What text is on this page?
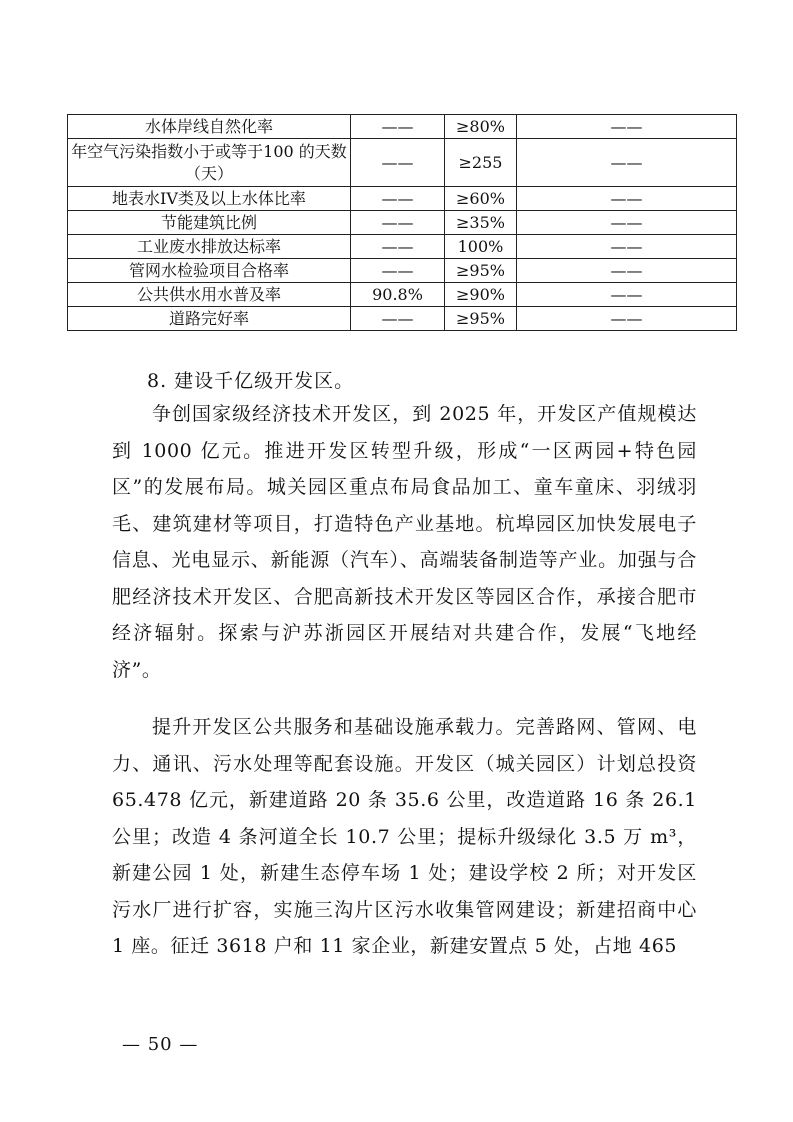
水体岸线自然化率	——	≥80%	——
年空气污染指数小于或等于100 的天数（天）	——	≥255	——
地表水IV类及以上水体比率	——	≥60%	——
节能建筑比例	——	≥35%	——
工业废水排放达标率	——	100%	——
管网水检验项目合格率	——	≥95%	——
公共供水用水普及率	90.8%	≥90%	——
道路完好率	——	≥95%	——
8. 建设千亿级开发区。

争创国家级经济技术开发区，到 2025 年，开发区产值规模达到 1000 亿元。推进开发区转型升级，形成“一区两园+特色园区”的发展布局。城关园区重点布局食品加工、童车童床、羽绒羽毛、建筑建材等项目，打造特色产业基地。杭埠园区加快发展电子信息、光电显示、新能源（汽车）、高端装备制造等产业。加强与合肥经济技术开发区、合肥高新技术开发区等园区合作，承接合肥市经济辐射。探索与沪苏浙园区开展结对共建合作，发展“飞地经济”。

提升开发区公共服务和基础设施承载力。完善路网、管网、电力、通讯、污水处理等配套设施。开发区（城关园区）计划总投资 65.478 亿元，新建道路 20 条 35.6 公里，改造道路 16 条 26.1 公里；改造 4 条河道全长 10.7 公里；提标升级绿化 3.5 万 m³，新建公园 1 处，新建生态停车场 1 处；建设学校 2 所；对开发区污水厂进行扩容，实施三沟片区污水收集管网建设；新建招商中心 1 座。征迁 3618 户和 11 家企业，新建安置点 5 处，占地 465

— 50 —
